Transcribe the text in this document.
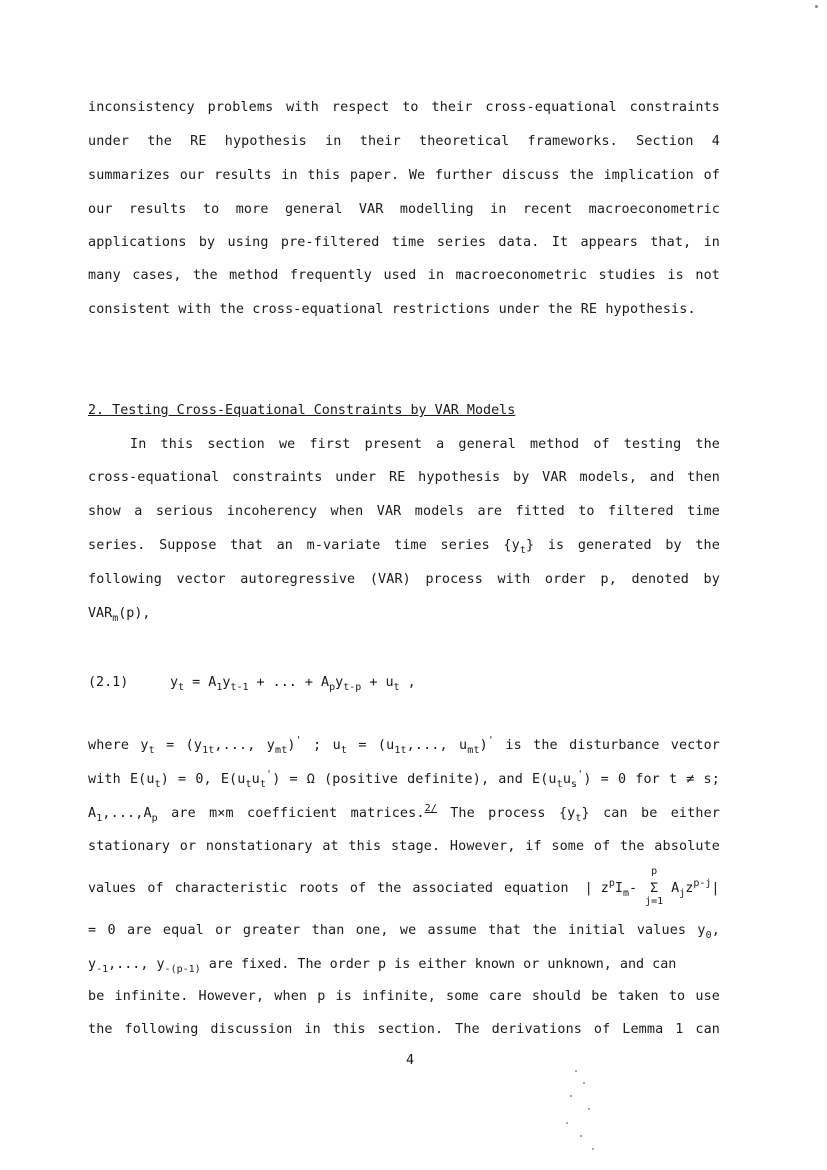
inconsistency problems with respect to their cross-equational constraints
under the RE hypothesis in their theoretical frameworks. Section 4
summarizes our results in this paper. We further discuss the implication of
our results to more general VAR modelling in recent macroeconometric
applications by using pre-filtered time series data. It appears that, in
many cases, the method frequently used in macroeconometric studies is not
consistent with the cross-equational restrictions under the RE hypothesis.
2. Testing Cross-Equational Constraints by VAR Models
In this section we first present a general method of testing the
cross-equational constraints under RE hypothesis by VAR models, and then
show a serious incoherency when VAR models are fitted to filtered time
series. Suppose that an m-variate time series $\{y_t\}$ is generated by the
following vector autoregressive (VAR) process with order p, denoted by
$VAR_m(p)$,
(2.1)	$y_t = A_1y_{t-1}$ + ... + $A_py_{t-p} + u_t$ ,
where $y_t = (y_{1t}$,..., $y_{mt})'$ ; $u_t = (u_{1t}$,..., $u_{mt})'$ is the disturbance vector
with $E(u_t) = 0$, $E(u_tu_t') = \Omega$ (positive definite), and $E(u_tu_s') = 0$ for t ≠ s;
$A_1,...,A_p$ are m×m coefficient matrices.$^{2/}$ The process $\{y_t\}$ can be either
stationary or nonstationary at this stage. However, if some of the absolute
values of characteristic roots of the associated equation  | $z^pI_m-$
p
Σ
j=1
$A_jz^{p-j}|$
= 0 are equal or greater than one, we assume that the initial values $y_0$,
$y_{-1}$,..., $y_{-(p-1)}$ are fixed. The order p is either known or unknown, and can
be infinite. However, when p is infinite, some care should be taken to use
the following discussion in this section. The derivations of Lemma 1 can
4
